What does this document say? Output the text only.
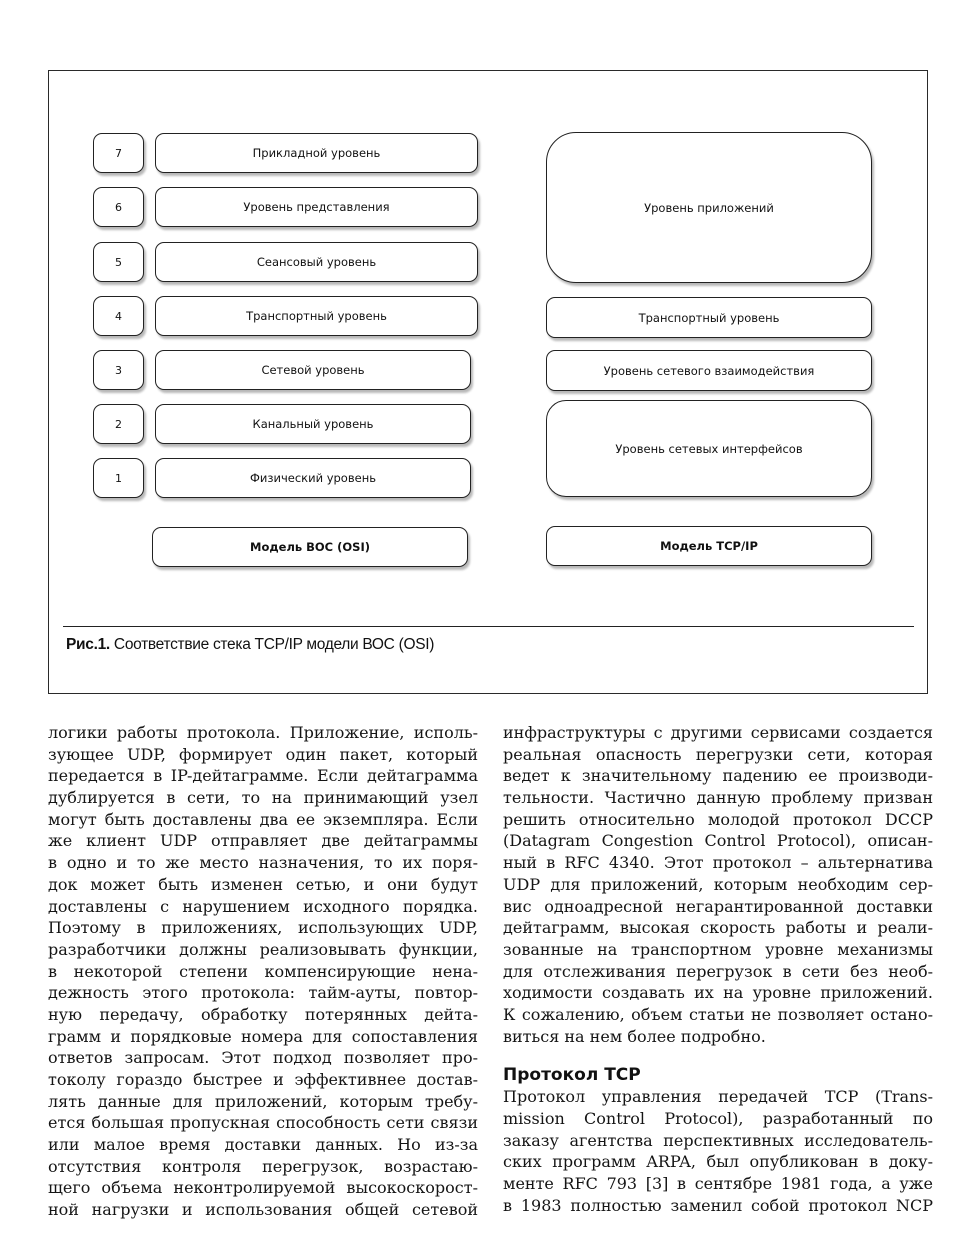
7
6
5
4
3
2
1
Прикладной уровень
Уровень представления
Сеансовый уровень
Транспортный уровень
Сетевой уровень
Канальный уровень
Физический уровень
Модель ВОС (OSI)
Уровень приложений
Транспортный уровень
Уровень сетевого взаимодействия
Уровень сетевых интерфейсов
Модель TCP/IP
Рис.1. Соответствие стека TCP/IP модели ВОС (OSI)
логики работы протокола. Приложение, исполь-
зующее UDP, формирует один пакет, который
передается в IP-дейтаграмме. Если дейтаграмма
дублируется в сети, то на принимающий узел
могут быть доставлены два ее экземпляра. Если
же клиент UDP отправляет две дейтаграммы
в одно и то же место назначения, то их поря-
док может быть изменен сетью, и они будут
доставлены с нарушением исходного порядка.
Поэтому в приложениях, использующих UDP,
разработчики должны реализовывать функции,
в некоторой степени компенсирующие нена-
дежность этого протокола: тайм-ауты, повтор-
ную передачу, обработку потерянных дейта-
грамм и порядковые номера для сопоставления
ответов запросам. Этот подход позволяет про-
токолу гораздо быстрее и эффективнее достав-
лять данные для приложений, которым требу-
ется большая пропускная способность сети связи
или малое время доставки данных. Но из-за
отсутствия контроля перегрузок, возрастаю-
щего объема неконтролируемой высокоскорост-
ной нагрузки и использования общей сетевой
инфраструктуры с другими сервисами создается
реальная опасность перегрузки сети, которая
ведет к значительному падению ее производи-
тельности. Частично данную проблему призван
решить относительно молодой протокол DCCP
(Datagram Congestion Control Protocol), описан-
ный в RFC 4340. Этот протокол – альтернатива
UDP для приложений, которым необходим сер-
вис одноадресной негарантированной доставки
дейтаграмм, высокая скорость работы и реали-
зованные на транспортном уровне механизмы
для отслеживания перегрузок в сети без необ-
ходимости создавать их на уровне приложений.
К сожалению, объем статьи не позволяет остано-
виться на нем более подробно.
Протокол TCP
Протокол управления передачей TCP (Trans-
mission Control Protocol), разработанный по
заказу агентства перспективных исследователь-
ских программ ARPA, был опубликован в доку-
менте RFC 793 [3] в сентябре 1981 года, а уже
в 1983 полностью заменил собой протокол NCP
